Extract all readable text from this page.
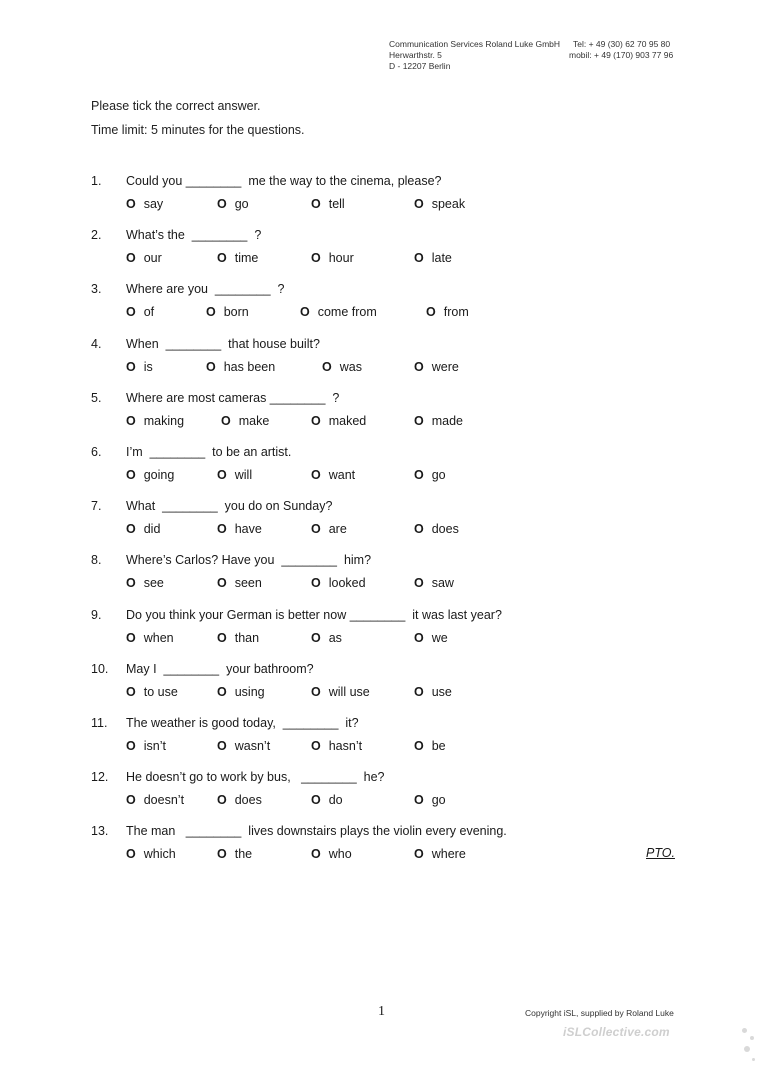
Communication Services Roland Luke GmbH
Herwarthstr. 5
D - 12207 Berlin
Tel: + 49 (30) 62 70 95 80
mobil: + 49 (170) 903 77 96
Please tick the correct answer.
Time limit: 5 minutes for the questions.
1. Could you ________  me the way to the cinema, please?
O say	O go	O tell	O speak
2. What’s the  ________  ?
O our	O time	O hour	O late
3. Where are you  ________  ?
O of	O born	O come from	O from
4. When  ________  that house built?
O is	O has been	O was	O were
5. Where are most cameras ________  ?
O making	O make	O maked	O made
6. I’m  ________  to be an artist.
O going	O will	O want	O go
7. What  ________  you do on Sunday?
O did	O have	O are	O does
8. Where’s Carlos? Have you  ________  him?
O see	O seen	O looked	O saw
9. Do you think your German is better now ________  it was last year?
O when	O than	O as	O we
10. May I  ________  your bathroom?
O to use	O using	O will use	O use
11. The weather is good today,  ________  it?
O isn’t	O wasn’t	O hasn’t	O be
12. He doesn’t go to work by bus,   ________  he?
O doesn’t	O does	O do	O go
13. The man   ________  lives downstairs plays the violin every evening.
O which	O the	O who	O where	PTO.
1	Copyright iSL, supplied by Roland Luke
iSLCollective.com
